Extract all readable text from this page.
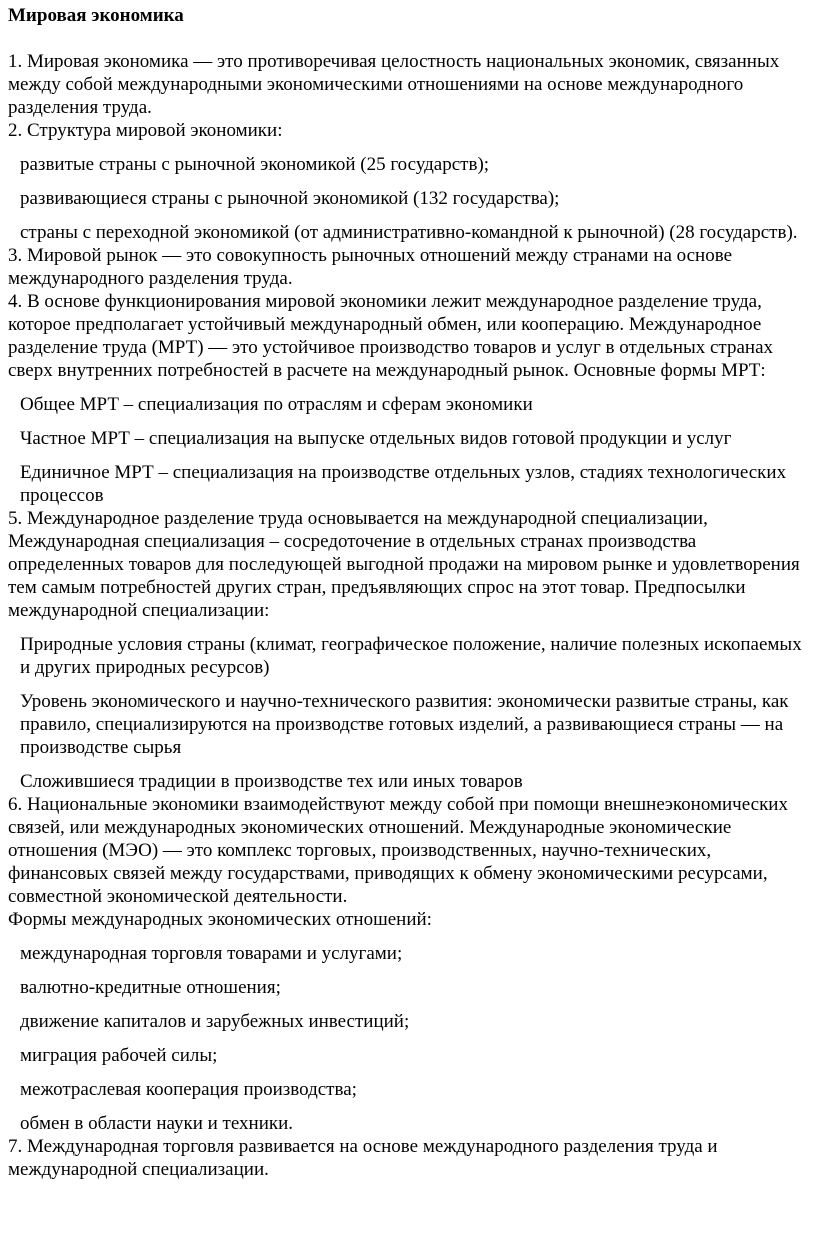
Мировая экономика

1. Мировая экономика — это противоречивая целостность национальных экономик, связанных между собой международными экономическими отношениями на основе международного разделения труда.

2. Структура мировой экономики:

развитые страны с рыночной экономикой (25 государств);

развивающиеся страны с рыночной экономикой (132 государства);

страны с переходной экономикой (от административно-командной к рыночной) (28 государств).

3. Мировой рынок — это совокупность рыночных отношений между странами на основе международного разделения труда.

4. В основе функционирования мировой экономики лежит международное разделение труда, которое предполагает устойчивый международный обмен, или кооперацию. Международное разделение труда (МРТ) — это устойчивое производство товаров и услуг в отдельных странах сверх внутренних потребностей в расчете на международный рынок. Основные формы МРТ:

Общее МРТ – специализация по отраслям и сферам экономики

Частное МРТ – специализация на выпуске отдельных видов готовой продукции и услуг

Единичное МРТ – специализация на производстве отдельных узлов, стадиях технологических процессов

5. Международное разделение труда основывается на международной специализации, Международная специализация – сосредоточение в отдельных странах производства определенных товаров для последующей выгодной продажи на мировом рынке и удовлетворения тем самым потребностей других стран, предъявляющих спрос на этот товар. Предпосылки международной специализации:

Природные условия страны (климат, географическое положение, наличие полезных ископаемых и других природных ресурсов)

Уровень экономического и научно-технического развития: экономически развитые страны, как правило, специализируются на производстве готовых изделий, а развивающиеся страны — на производстве сырья

Сложившиеся традиции в производстве тех или иных товаров

6. Национальные экономики взаимодействуют между собой при помощи внешнеэкономических связей, или международных экономических отношений. Международные экономические отношения (МЭО) — это комплекс торговых, производственных, научно-технических, финансовых связей между государствами, приводящих к обмену экономическими ресурсами, совместной экономической деятельности.

Формы международных экономических отношений:

международная торговля товарами и услугами;

валютно-кредитные отношения;

движение капиталов и зарубежных инвестиций;

миграция рабочей силы;

межотраслевая кооперация производства;

обмен в области науки и техники.

7. Международная торговля развивается на основе международного разделения труда и международной специализации.
